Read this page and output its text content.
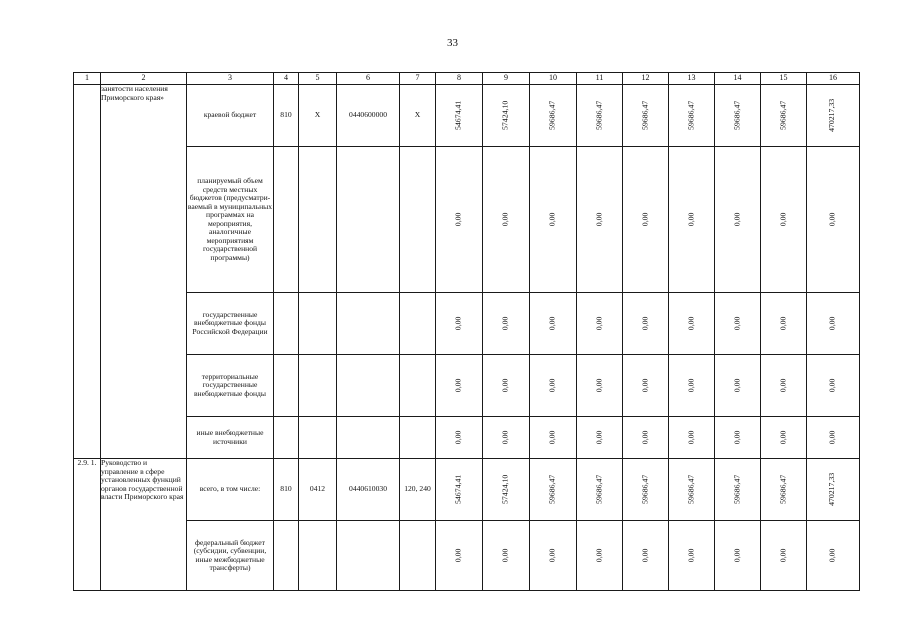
33
1	2	3	4	5	6	7	8	9	10	11	12	13	14	15	16
	занятости населения Приморского края»	краевой бюджет	810	X	0440600000	X	54674,41	57424,10	59686,47	59686,47	59686,47	59686,47	59686,47	59686,47	470217,33
		планируемый объем средств местных бюджетов (предусматри-ваемый в муниципальных программах на мероприятия, аналогичные мероприятиям государственной программы)					0,00	0,00	0,00	0,00	0,00	0,00	0,00	0,00	0,00
		государственные внебюджетные фонды Российской Федерации					0,00	0,00	0,00	0,00	0,00	0,00	0,00	0,00	0,00
		территориальные государственные внебюджетные фонды					0,00	0,00	0,00	0,00	0,00	0,00	0,00	0,00	0,00
		иные внебюджетные источники					0,00	0,00	0,00	0,00	0,00	0,00	0,00	0,00	0,00
2.9. 1.	Руководство и управление в сфере установленных функций органов государственной власти Приморского края	всего, в том числе:	810	0412	0440610030	120, 240	54674,41	57424,10	59686,47	59686,47	59686,47	59686,47	59686,47	59686,47	470217,33
		федеральный бюджет (субсидии, субвенции, иные межбюджетные трансферты)					0,00	0,00	0,00	0,00	0,00	0,00	0,00	0,00	0,00
